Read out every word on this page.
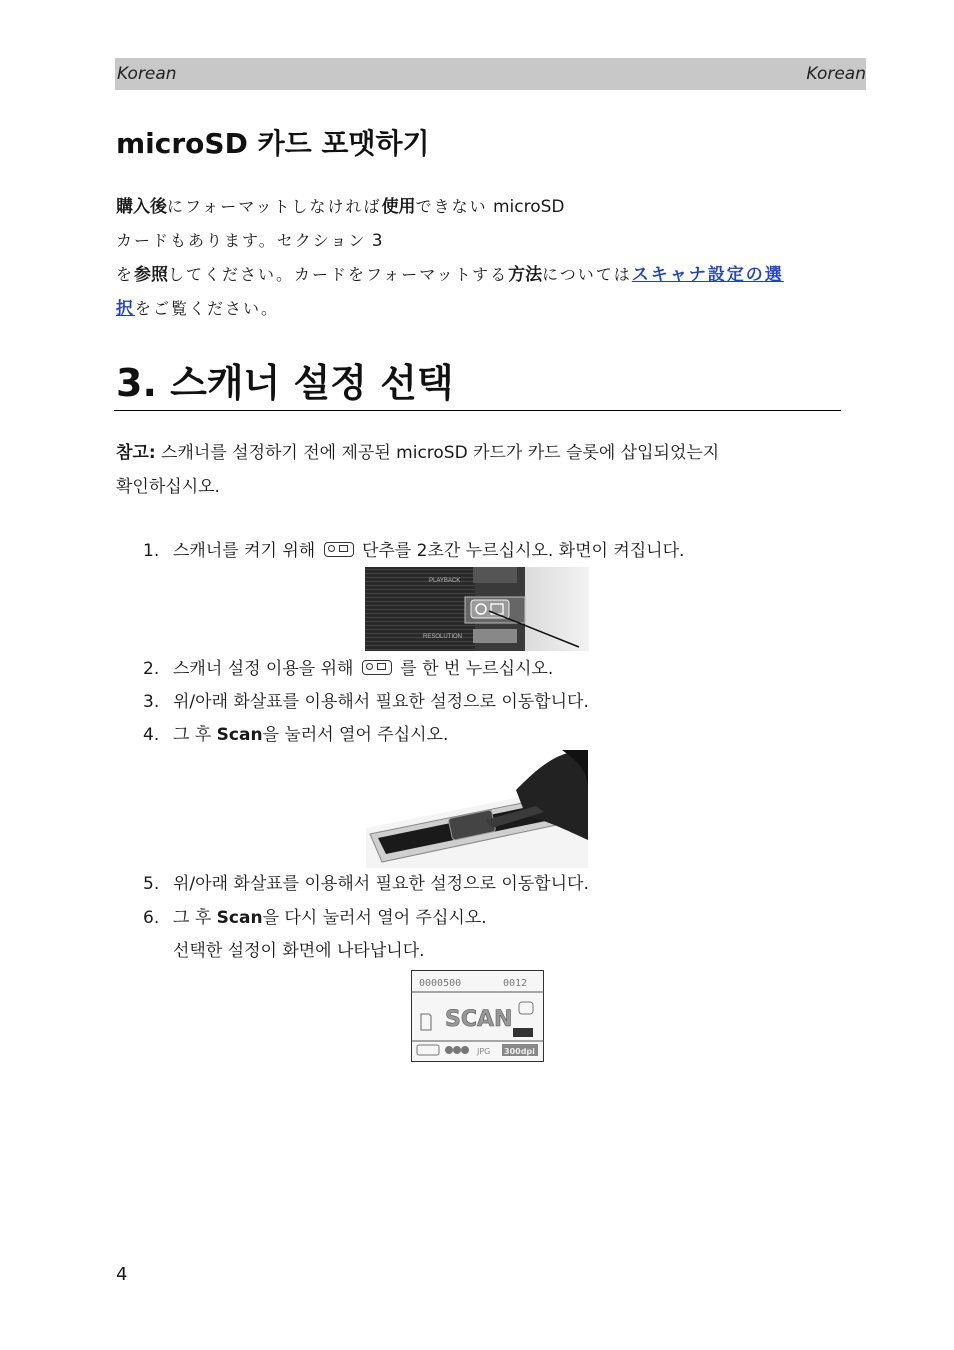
Korean	Korean
microSD 카드 포맷하기
購入後にフォーマットしなければ使用できない microSD
カードもあります。セクション 3
を参照してください。カードをフォーマットする方法についてはスキャナ設定の選
択をご覧ください。
3. 스캐너 설정 선택
참고: 스캐너를 설정하기 전에 제공된 microSD 카드가 카드 슬롯에 삽입되었는지
확인하십시오.
1. 스캐너를 켜기 위해  단추를 2초간 누르십시오. 화면이 켜집니다.
PLAYBACK
RESOLUTION
2. 스캐너 설정 이용을 위해  를 한 번 누르십시오.
3. 위/아래 화살표를 이용해서 필요한 설정으로 이동합니다.
4. 그 후 Scan을 눌러서 열어 주십시오.
5. 위/아래 화살표를 이용해서 필요한 설정으로 이동합니다.
6. 그 후 Scan을 다시 눌러서 열어 주십시오.
선택한 설정이 화면에 나타납니다.
0000500	0012
SCAN
JPG 300dpi
4
